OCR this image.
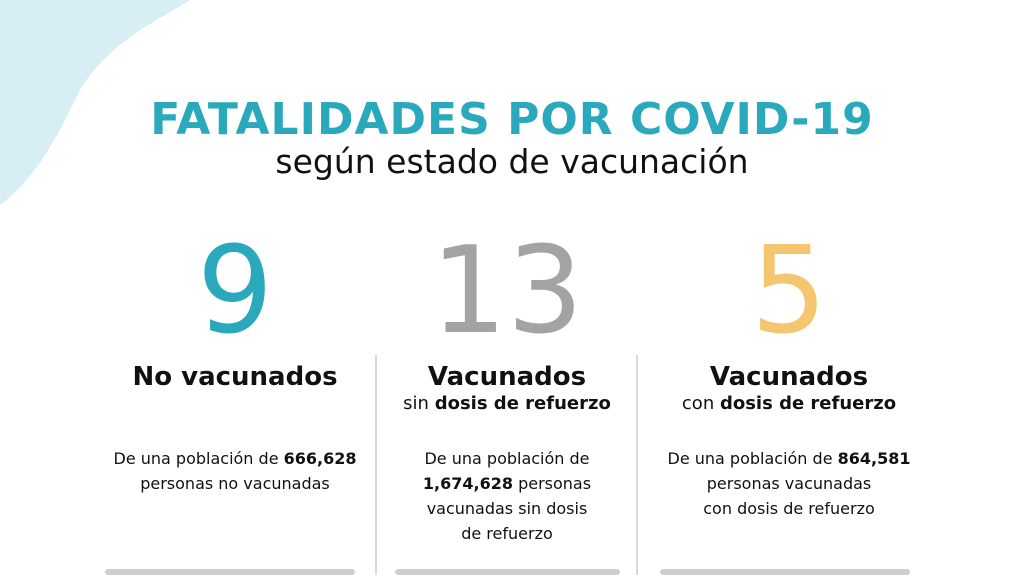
FATALIDADES POR COVID-19
según estado de vacunación
9
No vacunados
De una población de 666,628
personas no vacunadas
13
Vacunados
sin dosis de refuerzo
De una población de
1,674,628 personas
vacunadas sin dosis
de refuerzo
5
Vacunados
con dosis de refuerzo
De una población de 864,581
personas vacunadas
con dosis de refuerzo
